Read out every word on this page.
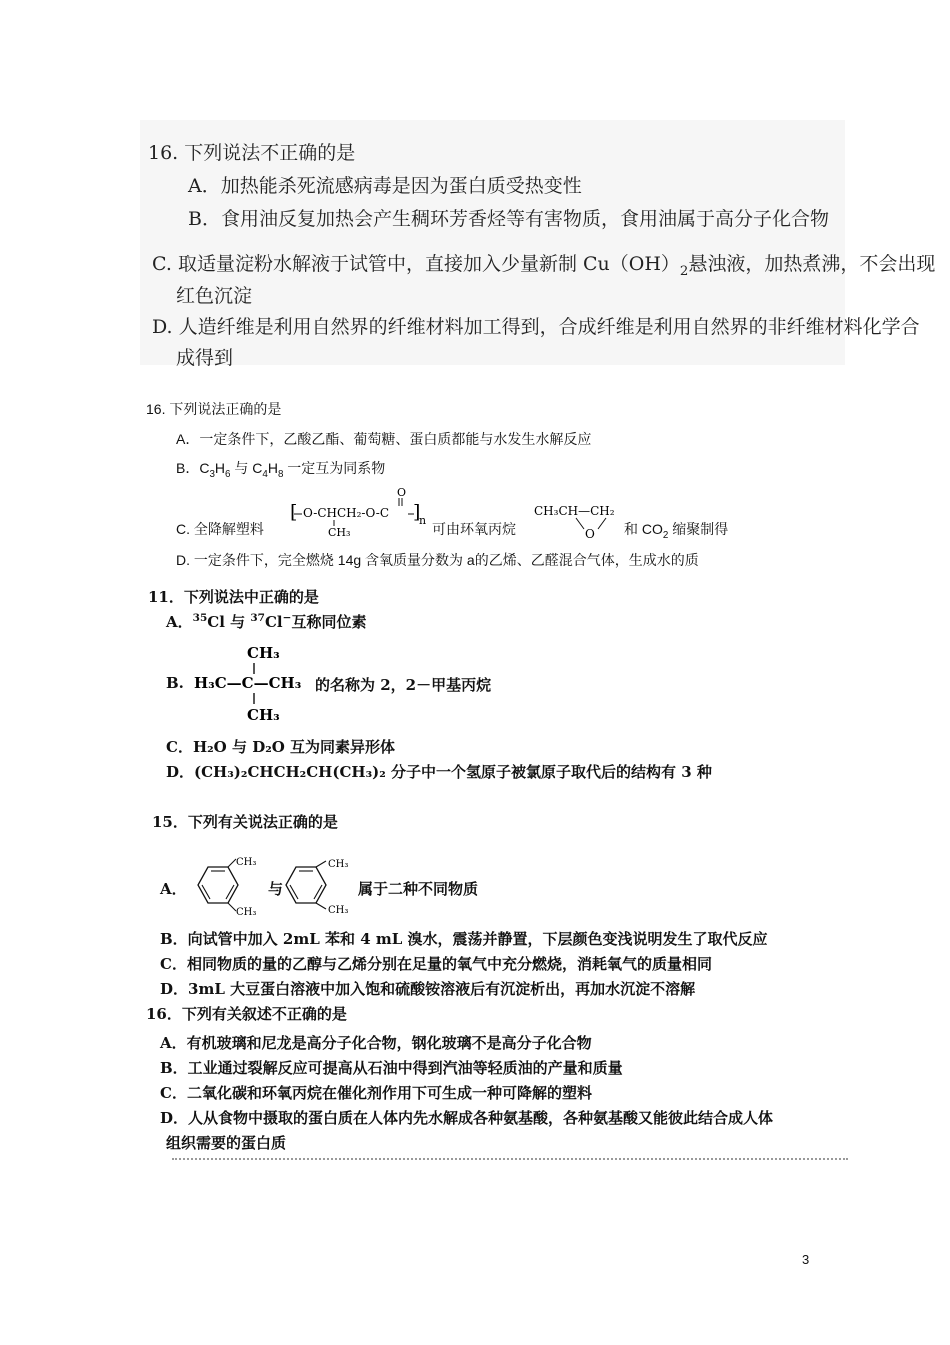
16. 下列说法不正确的是
A．加热能杀死流感病毒是因为蛋白质受热变性
B．食用油反复加热会产生稠环芳香烃等有害物质，食用油属于高分子化合物
C. 取适量淀粉水解液于试管中，直接加入少量新制 $Cu(OH)_2$悬浊液，加热煮沸，不会出现
红色沉淀
D. 人造纤维是利用自然界的纤维材料加工得到，合成纤维是利用自然界的非纤维材料化学合
成得到
16. 下列说法正确的是
A．一定条件下，乙酸乙酯、葡萄糖、蛋白质都能与水发生水解反应
B．$C_3H_6$ 与 $C_4H_8$ 一定互为同系物
C. 全降解塑料
[ O-CHCH₂-O-C
CH₃
O
]
n
可由环氧丙烷
CH₃CH—CH₂
O 和 $CO_2$ 缩聚制得
D. 一定条件下，完全燃烧 14g 含氧质量分数为 a的乙烯、乙醛混合气体，生成水的质
11．下列说法中正确的是
A．$^{35}$Cl 与 $^{37}$Cl−互称同位素
B.
CH₃
H₃C—C—CH₃
CH₃
的名称为 2，2－甲基丙烷
C．H₂O 与 D₂O 互为同素异形体
D．(CH₃)₂CHCH₂CH(CH₃)₂ 分子中一个氢原子被氯原子取代后的结构有 3 种
15．下列有关说法正确的是
A．
CH₃
CH₃
与
CH₃
CH₃
属于二种不同物质
B．向试管中加入 2mL 苯和 4 mL 溴水，震荡并静置，下层颜色变浅说明发生了取代反应
C．相同物质的量的乙醇与乙烯分别在足量的氧气中充分燃烧，消耗氧气的质量相同
D．3mL 大豆蛋白溶液中加入饱和硫酸铵溶液后有沉淀析出，再加水沉淀不溶解
16．下列有关叙述不正确的是
A．有机玻璃和尼龙是高分子化合物，钢化玻璃不是高分子化合物
B．工业通过裂解反应可提高从石油中得到汽油等轻质油的产量和质量
C．二氧化碳和环氧丙烷在催化剂作用下可生成一种可降解的塑料
D．人从食物中摄取的蛋白质在人体内先水解成各种氨基酸，各种氨基酸又能彼此结合成人体
组织需要的蛋白质
3
